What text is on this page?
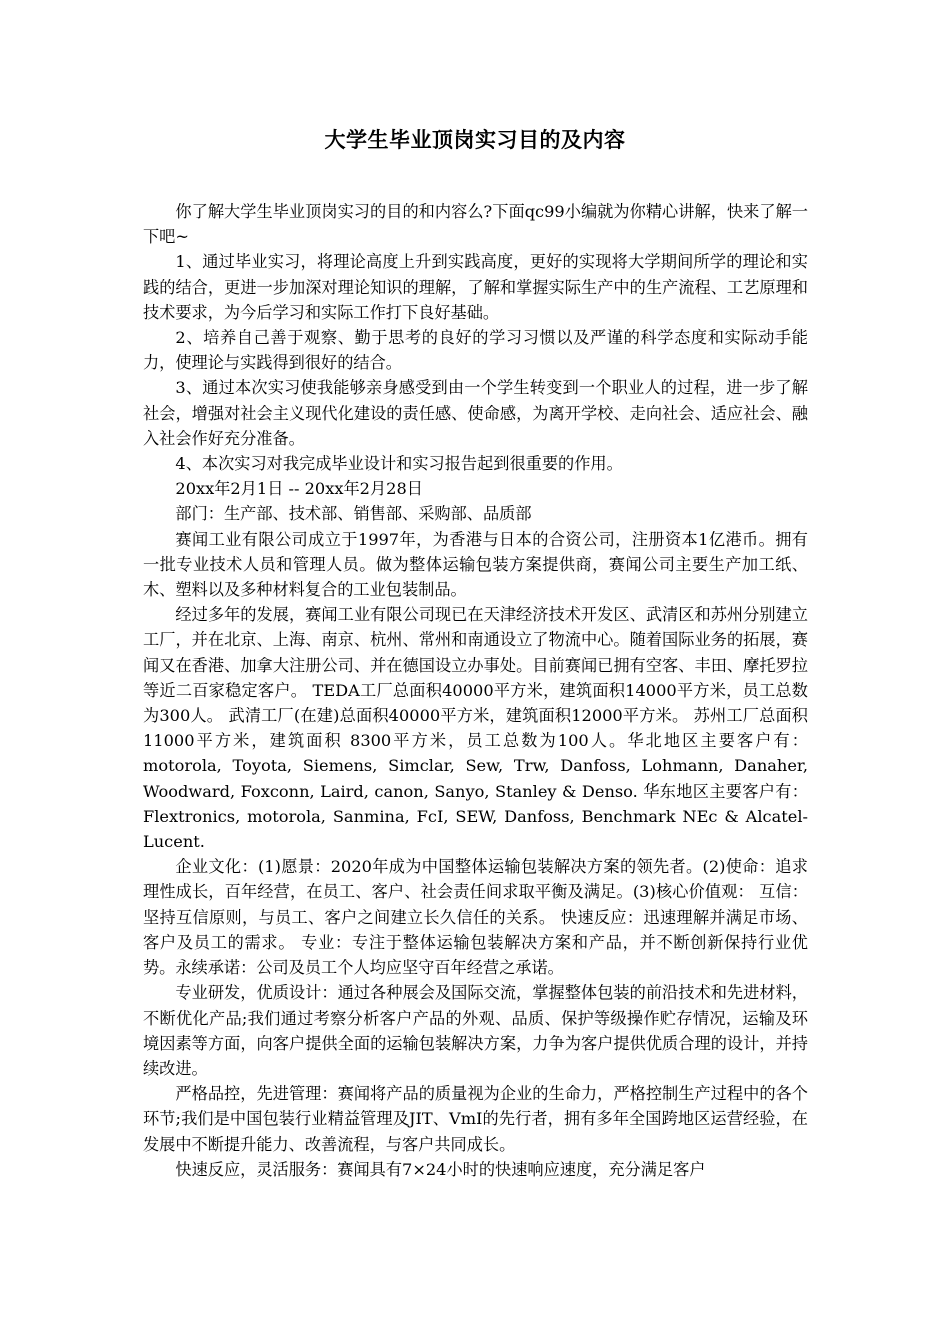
大学生毕业顶岗实习目的及内容

你了解大学生毕业顶岗实习的目的和内容么?下面qc99小编就为你精心讲解，快来了解一下吧~

1、通过毕业实习，将理论高度上升到实践高度，更好的实现将大学期间所学的理论和实践的结合，更进一步加深对理论知识的理解，了解和掌握实际生产中的生产流程、工艺原理和技术要求，为今后学习和实际工作打下良好基础。

2、培养自己善于观察、勤于思考的良好的学习习惯以及严谨的科学态度和实际动手能力，使理论与实践得到很好的结合。

3、通过本次实习使我能够亲身感受到由一个学生转变到一个职业人的过程，进一步了解社会，增强对社会主义现代化建设的责任感、使命感，为离开学校、走向社会、适应社会、融入社会作好充分准备。

4、本次实习对我完成毕业设计和实习报告起到很重要的作用。

20xx年2月1日 -- 20xx年2月28日

部门：生产部、技术部、销售部、采购部、品质部

赛闻工业有限公司成立于1997年，为香港与日本的合资公司，注册资本1亿港币。拥有一批专业技术人员和管理人员。做为整体运输包装方案提供商，赛闻公司主要生产加工纸、木、塑料以及多种材料复合的工业包装制品。

经过多年的发展，赛闻工业有限公司现已在天津经济技术开发区、武清区和苏州分别建立工厂，并在北京、上海、南京、杭州、常州和南通设立了物流中心。随着国际业务的拓展，赛闻又在香港、加拿大注册公司、并在德国设立办事处。目前赛闻已拥有空客、丰田、摩托罗拉等近二百家稳定客户。 TEDA工厂总面积40000平方米，建筑面积14000平方米，员工总数为300人。 武清工厂(在建)总面积40000平方米，建筑面积12000平方米。 苏州工厂总面积11000平方米，建筑面积 8300平方米，员工总数为100人。华北地区主要客户有：motorola, Toyota, Siemens, Simclar, Sew, Trw, Danfoss, Lohmann, Danaher, Woodward, Foxconn, Laird, canon, Sanyo, Stanley & Denso. 华东地区主要客户有：Flextronics, motorola, Sanmina, FcI, SEW, Danfoss, Benchmark NEc & Alcatel-Lucent.

企业文化：(1)愿景：2020年成为中国整体运输包装解决方案的领先者。(2)使命：追求理性成长，百年经营，在员工、客户、社会责任间求取平衡及满足。(3)核心价值观： 互信：坚持互信原则，与员工、客户之间建立长久信任的关系。 快速反应：迅速理解并满足市场、客户及员工的需求。 专业：专注于整体运输包装解决方案和产品，并不断创新保持行业优势。永续承诺：公司及员工个人均应坚守百年经营之承诺。

专业研发，优质设计：通过各种展会及国际交流，掌握整体包装的前沿技术和先进材料，不断优化产品;我们通过考察分析客户产品的外观、品质、保护等级操作贮存情况，运输及环境因素等方面，向客户提供全面的运输包装解决方案，力争为客户提供优质合理的设计，并持续改进。

严格品控，先进管理：赛闻将产品的质量视为企业的生命力，严格控制生产过程中的各个环节;我们是中国包装行业精益管理及JIT、VmI的先行者，拥有多年全国跨地区运营经验，在发展中不断提升能力、改善流程，与客户共同成长。

快速反应，灵活服务：赛闻具有7×24小时的快速响应速度，充分满足客户
